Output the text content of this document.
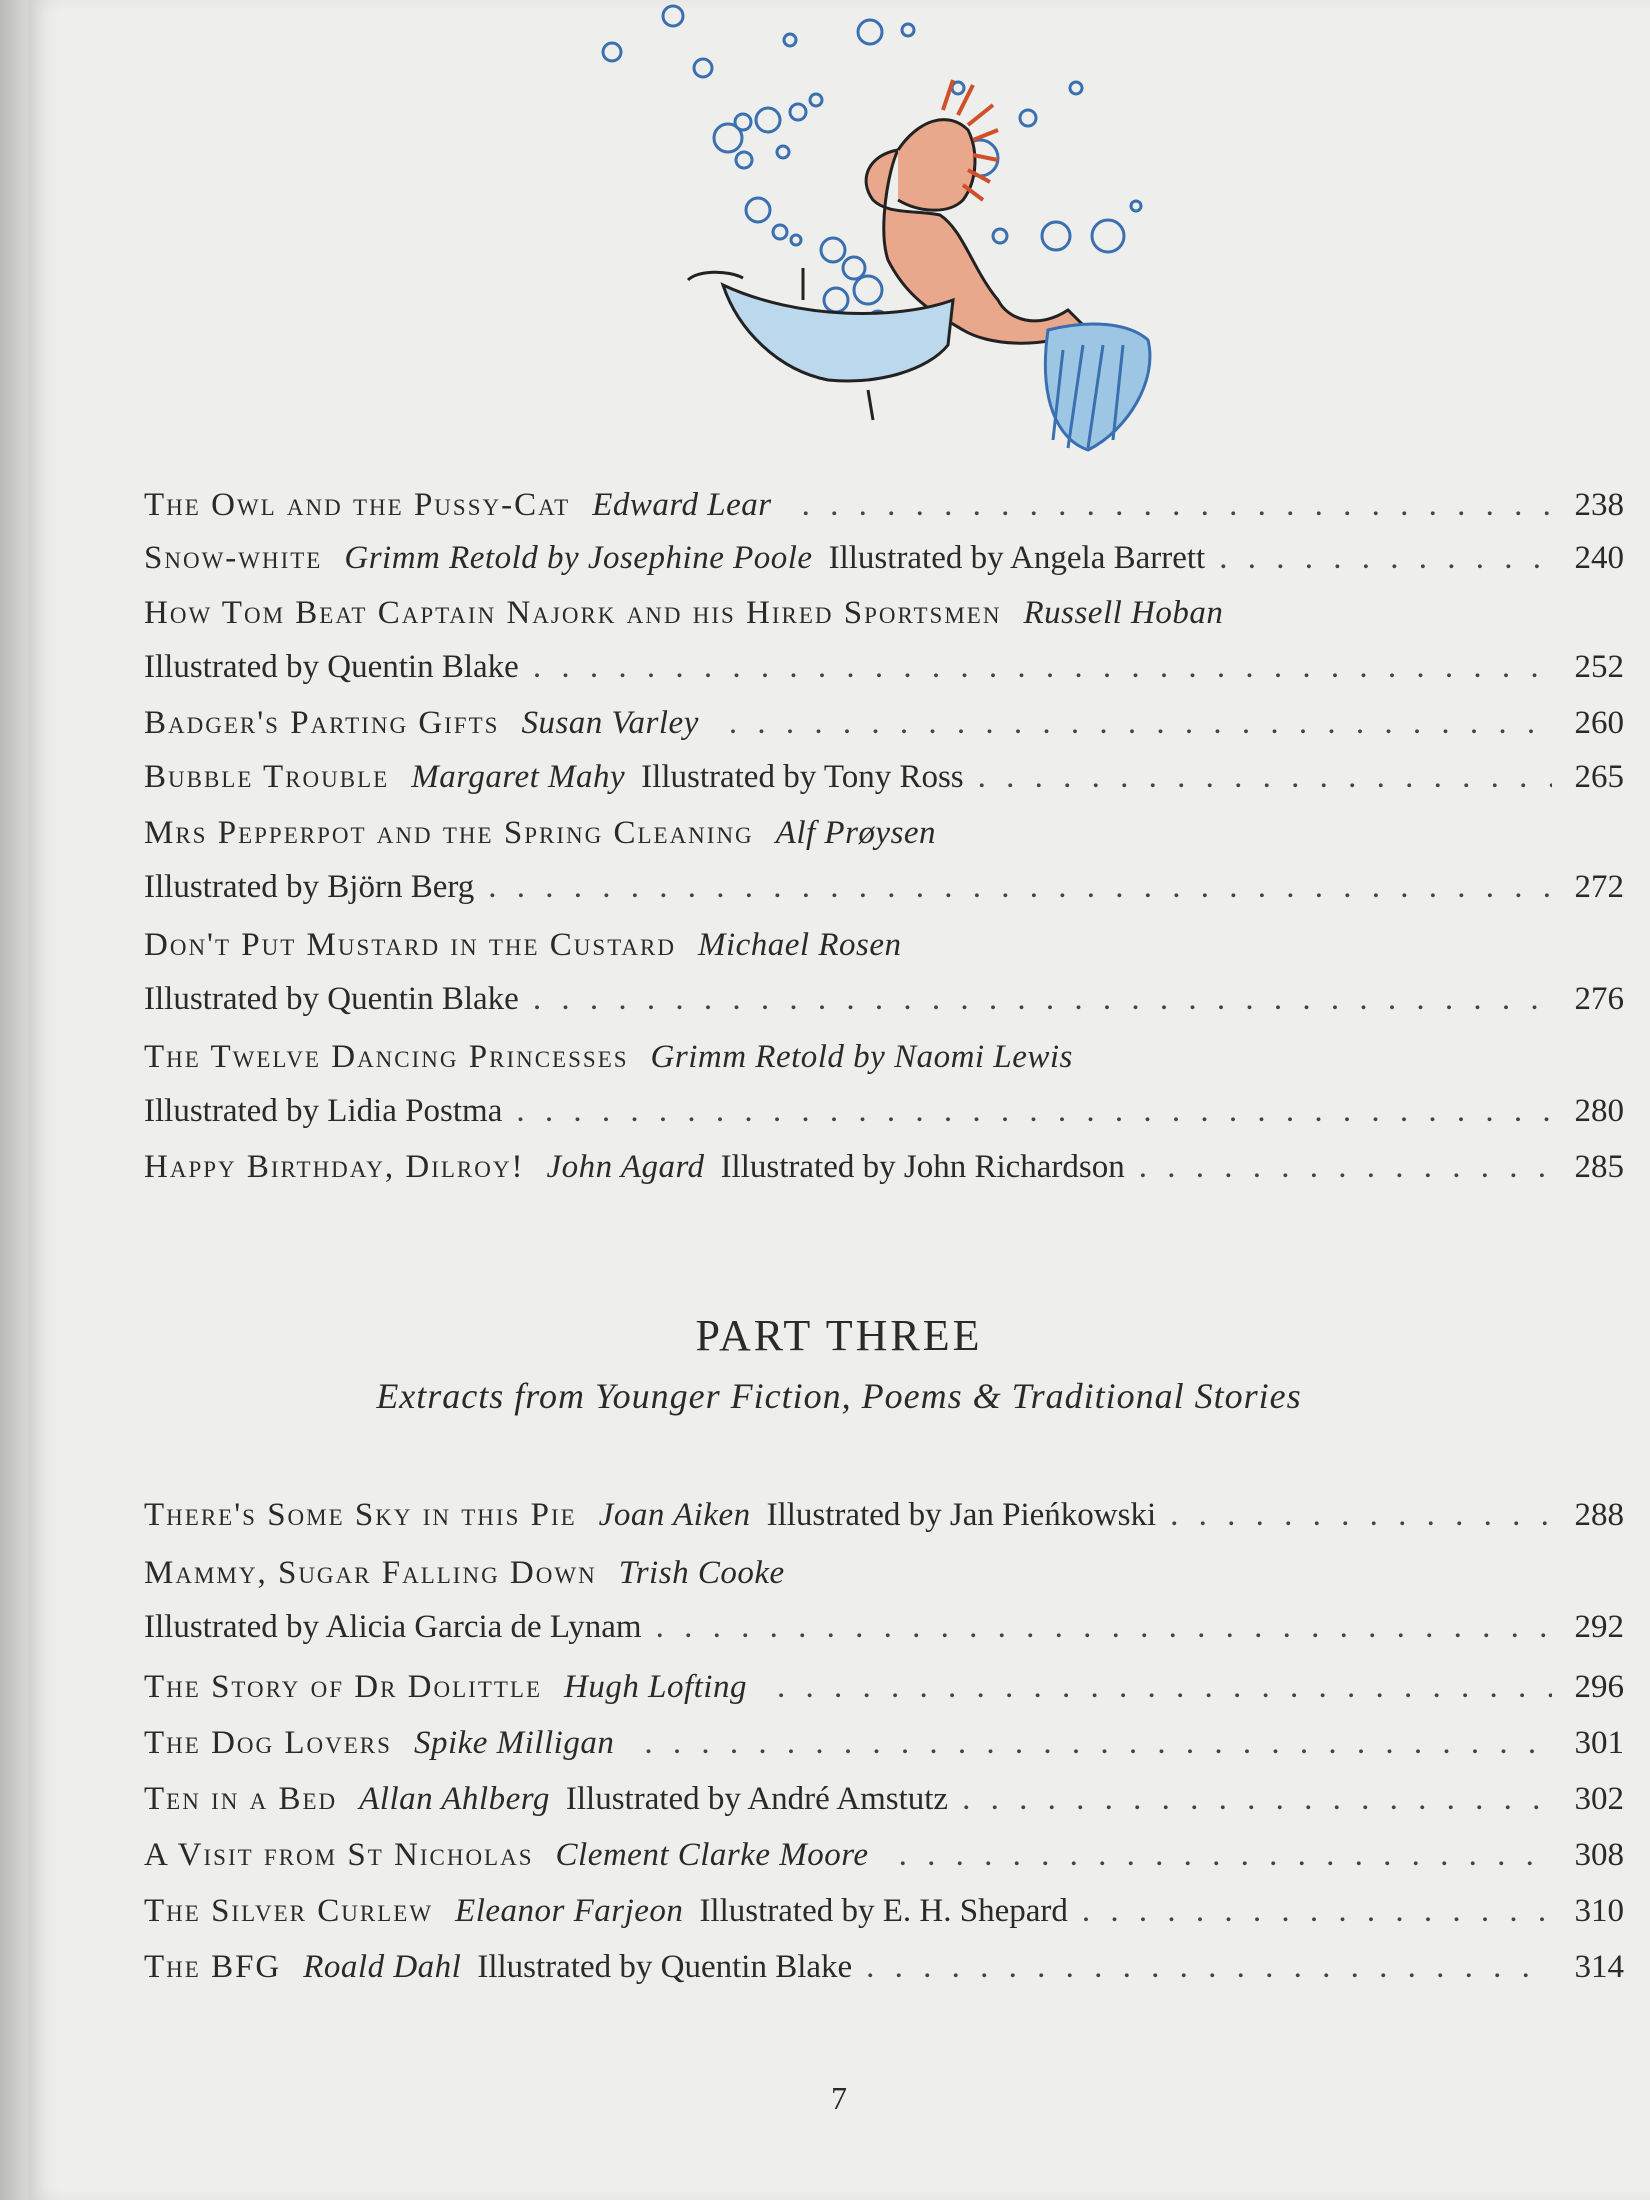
The Owl and the Pussy-Cat Edward Lear . . .	238
Snow-white Grimm Retold by Josephine Poole Illustrated by Angela Barrett . . .	240
How Tom Beat Captain Najork and his Hired Sportsmen Russell Hoban
Illustrated by Quentin Blake . . .	252
Badger's Parting Gifts Susan Varley . . .	260
Bubble Trouble Margaret Mahy Illustrated by Tony Ross . . .	265
Mrs Pepperpot and the Spring Cleaning Alf Prøysen
Illustrated by Björn Berg . . .	272
Don't Put Mustard in the Custard Michael Rosen
Illustrated by Quentin Blake . . .	276
The Twelve Dancing Princesses Grimm Retold by Naomi Lewis
Illustrated by Lidia Postma . . .	280
Happy Birthday, Dilroy! John Agard Illustrated by John Richardson . . .	285
PART THREE
Extracts from Younger Fiction, Poems & Traditional Stories
There's Some Sky in this Pie Joan Aiken Illustrated by Jan Pieńkowski . . .	288
Mammy, Sugar Falling Down Trish Cooke
Illustrated by Alicia Garcia de Lynam . . .	292
The Story of Dr Dolittle Hugh Lofting . . .	296
The Dog Lovers Spike Milligan . . .	301
Ten in a Bed Allan Ahlberg Illustrated by André Amstutz . . .	302
A Visit from St Nicholas Clement Clarke Moore . . .	308
The Silver Curlew Eleanor Farjeon Illustrated by E. H. Shepard . . .	310
The BFG Roald Dahl Illustrated by Quentin Blake . . .	314
7
